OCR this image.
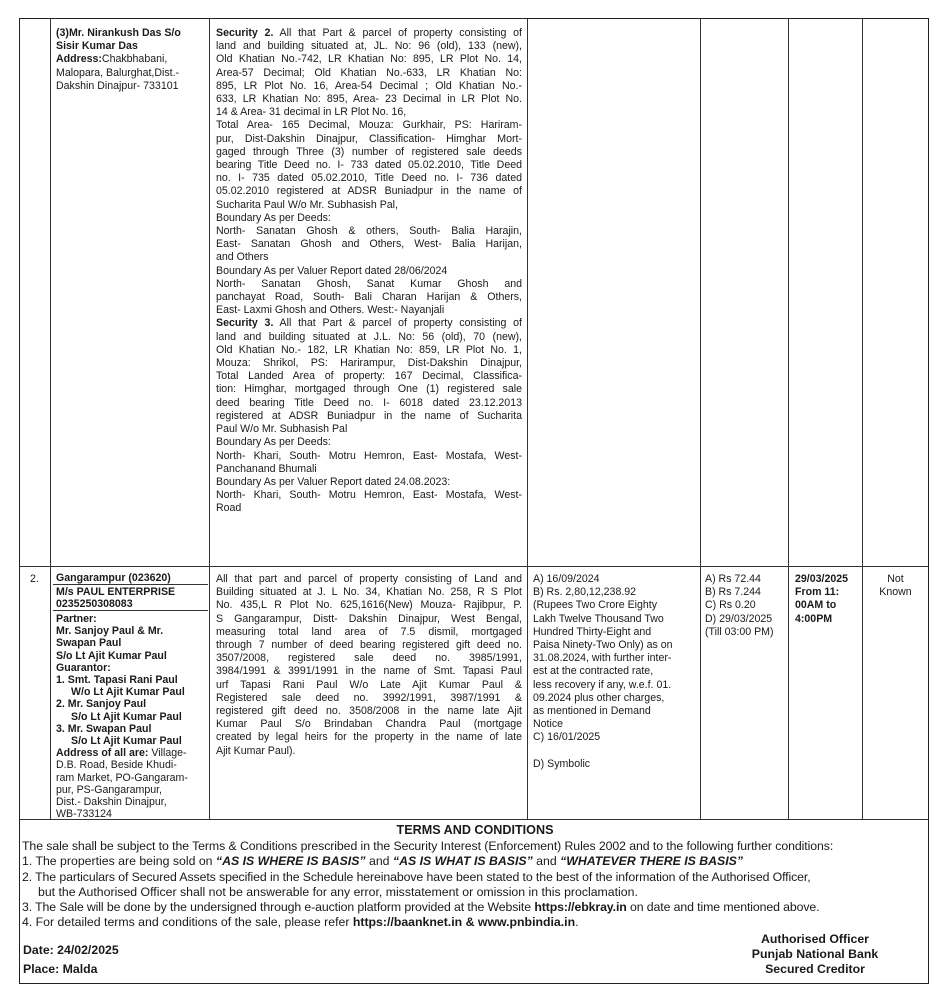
(3)Mr. Nirankush Das S/o
Sisir Kumar Das
Address:Chakbhabani,
Malopara, Balurghat,Dist.-
Dakshin Dinajpur- 733101
Security 2. All that Part & parcel of property consisting of
land and building situated at, JL. No: 96 (old), 133 (new),
Old Khatian No.-742, LR Khatian No: 895, LR Plot No. 14,
Area-57 Decimal; Old Khatian No.-633, LR Khatian No:
895, LR Plot No. 16, Area-54 Decimal ; Old Khatian No.-
633, LR Khatian No: 895, Area- 23 Decimal in LR Plot No.
14 & Area- 31 decimal in LR Plot No. 16,
Total Area- 165 Decimal, Mouza: Gurkhair, PS: Hariram-
pur, Dist-Dakshin Dinajpur, Classification- Himghar Mort-
gaged through Three (3) number of registered sale deeds
bearing Title Deed no. I- 733 dated 05.02.2010, Title Deed
no. I- 735 dated 05.02.2010, Title Deed no. I- 736 dated
05.02.2010 registered at ADSR Buniadpur in the name of
Sucharita Paul W/o Mr. Subhasish Pal,
Boundary As per Deeds:
North- Sanatan Ghosh & others, South- Balia Harajin,
East- Sanatan Ghosh and Others, West- Balia Harijan,
and Others
Boundary As per Valuer Report dated 28/06/2024
North- Sanatan Ghosh, Sanat Kumar Ghosh and
panchayat Road, South- Bali Charan Harijan & Others,
East- Laxmi Ghosh and Others. West:- Nayanjali
Security 3. All that Part & parcel of property consisting of
land and building situated at J.L. No: 56 (old), 70 (new),
Old Khatian No.- 182, LR Khatian No: 859, LR Plot No. 1,
Mouza: Shrikol, PS: Harirampur, Dist-Dakshin Dinajpur,
Total Landed Area of property: 167 Decimal, Classifica-
tion: Himghar, mortgaged through One (1) registered sale
deed bearing Title Deed no. I- 6018 dated 23.12.2013
registered at ADSR Buniadpur in the name of Sucharita
Paul W/o Mr. Subhasish Pal
Boundary As per Deeds:
North- Khari, South- Motru Hemron, East- Mostafa, West-
Panchanand Bhumali
Boundary As per Valuer Report dated 24.08.2023:
North- Khari, South- Motru Hemron, East- Mostafa, West-
Road
2.	Gangarampur (023620)
M/s PAUL ENTERPRISE
0235250308083
Partner:
Mr. Sanjoy Paul & Mr.
Swapan Paul
S/o Lt Ajit Kumar Paul
Guarantor:
1. Smt. Tapasi Rani Paul
W/o Lt Ajit Kumar Paul
2. Mr. Sanjoy Paul
S/o Lt Ajit Kumar Paul
3. Mr. Swapan Paul
S/o Lt Ajit Kumar Paul
Address of all are: Village-
D.B. Road, Beside Khudi-
ram Market, PO-Gangaram-
pur, PS-Gangarampur,
Dist.- Dakshin Dinajpur,
WB-733124
All that part and parcel of property consisting of Land and
Building situated at J. L No. 34, Khatian No. 258, R S Plot
No. 435,L R Plot No. 625,1616(New) Mouza- Rajibpur, P.
S Gangarampur, Distt- Dakshin Dinajpur, West Bengal,
measuring total land area of 7.5 dismil, mortgaged
through 7 number of deed bearing registered gift deed no.
3507/2008, registered sale deed no. 3985/1991,
3984/1991 & 3991/1991 in the name of Smt. Tapasi Paul
urf Tapasi Rani Paul W/o Late Ajit Kumar Paul &
Registered sale deed no. 3992/1991, 3987/1991 &
registered gift deed no. 3508/2008 in the name late Ajit
Kumar Paul S/o Brindaban Chandra Paul (mortgage
created by legal heirs for the property in the name of late
Ajit Kumar Paul).
A) 16/09/2024
B) Rs. 2,80,12,238.92
(Rupees Two Crore Eighty
Lakh Twelve Thousand Two
Hundred Thirty-Eight and
Paisa Ninety-Two Only) as on
31.08.2024, with further inter-
est at the contracted rate,
less recovery if any, w.e.f. 01.
09.2024 plus other charges,
as mentioned in Demand
Notice
C) 16/01/2025
D) Symbolic
A) Rs 72.44
B) Rs 7.244
C) Rs 0.20
D) 29/03/2025
(Till 03:00 PM)
29/03/2025
From 11:
00AM to
4:00PM
Not
Known
TERMS AND CONDITIONS
The sale shall be subject to the Terms & Conditions prescribed in the Security Interest (Enforcement) Rules 2002 and to the following further conditions:
1. The properties are being sold on “AS IS WHERE IS BASIS” and “AS IS WHAT IS BASIS” and “WHATEVER THERE IS BASIS”
2. The particulars of Secured Assets specified in the Schedule hereinabove have been stated to the best of the information of the Authorised Officer,
but the Authorised Officer shall not be answerable for any error, misstatement or omission in this proclamation.
3. The Sale will be done by the undersigned through e-auction platform provided at the Website https://ebkray.in on date and time mentioned above.
4. For detailed terms and conditions of the sale, please refer https://baanknet.in & www.pnbindia.in.
Date: 24/02/2025
Place: Malda
Authorised Officer
Punjab National Bank
Secured Creditor
